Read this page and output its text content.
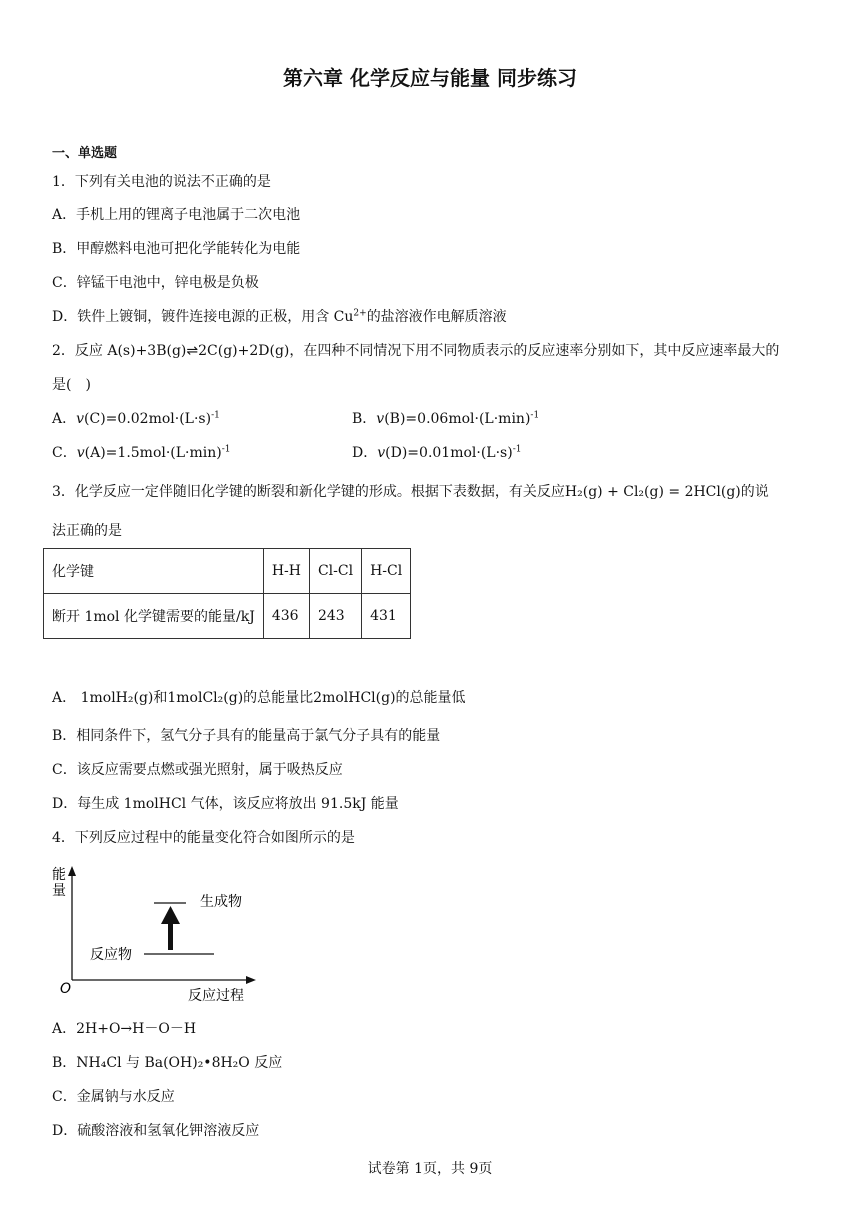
第六章 化学反应与能量 同步练习
一、单选题
1．下列有关电池的说法不正确的是
A．手机上用的锂离子电池属于二次电池
B．甲醇燃料电池可把化学能转化为电能
C．锌锰干电池中，锌电极是负极
D．铁件上镀铜，镀件连接电源的正极，用含 $Cu^{2+}$的盐溶液作电解质溶液
2．反应 A(s)+3B(g)⇌2C(g)+2D(g)，在四种不同情况下用不同物质表示的反应速率分别如下，其中反应速率最大的
是(　)
A．$v(C)=0.02mol\cdot(L\cdot s)^{-1}$	B．$v(B)=0.06mol\cdot(L\cdot\min)^{-1}$
C．$v(A)=1.5mol\cdot(L\cdot\min)^{-1}$	D．$v(D)=0.01mol\cdot(L\cdot s)^{-1}$
3．化学反应一定伴随旧化学键的断裂和新化学键的形成。根据下表数据，有关反应H₂(g) + Cl₂(g) = 2HCl(g)的说
法正确的是
化学键	H-H	Cl-Cl	H-Cl
断开 1mol 化学键需要的能量/kJ	436	243	431
A． 1molH₂(g)和1molCl₂(g)的总能量比2molHCl(g)的总能量低
B．相同条件下，氢气分子具有的能量高于氯气分子具有的能量
C．该反应需要点燃或强光照射，属于吸热反应
D．每生成 1molHCl 气体，该反应将放出 91.5kJ 能量
4．下列反应过程中的能量变化符合如图所示的是
能
量
O	反应过程
生成物
反应物
A．2H+O→H－O－H
B．NH₄Cl 与 Ba(OH)₂•8H₂O 反应
C．金属钠与水反应
D．硫酸溶液和氢氧化钾溶液反应
试卷第 1页，共 9页
